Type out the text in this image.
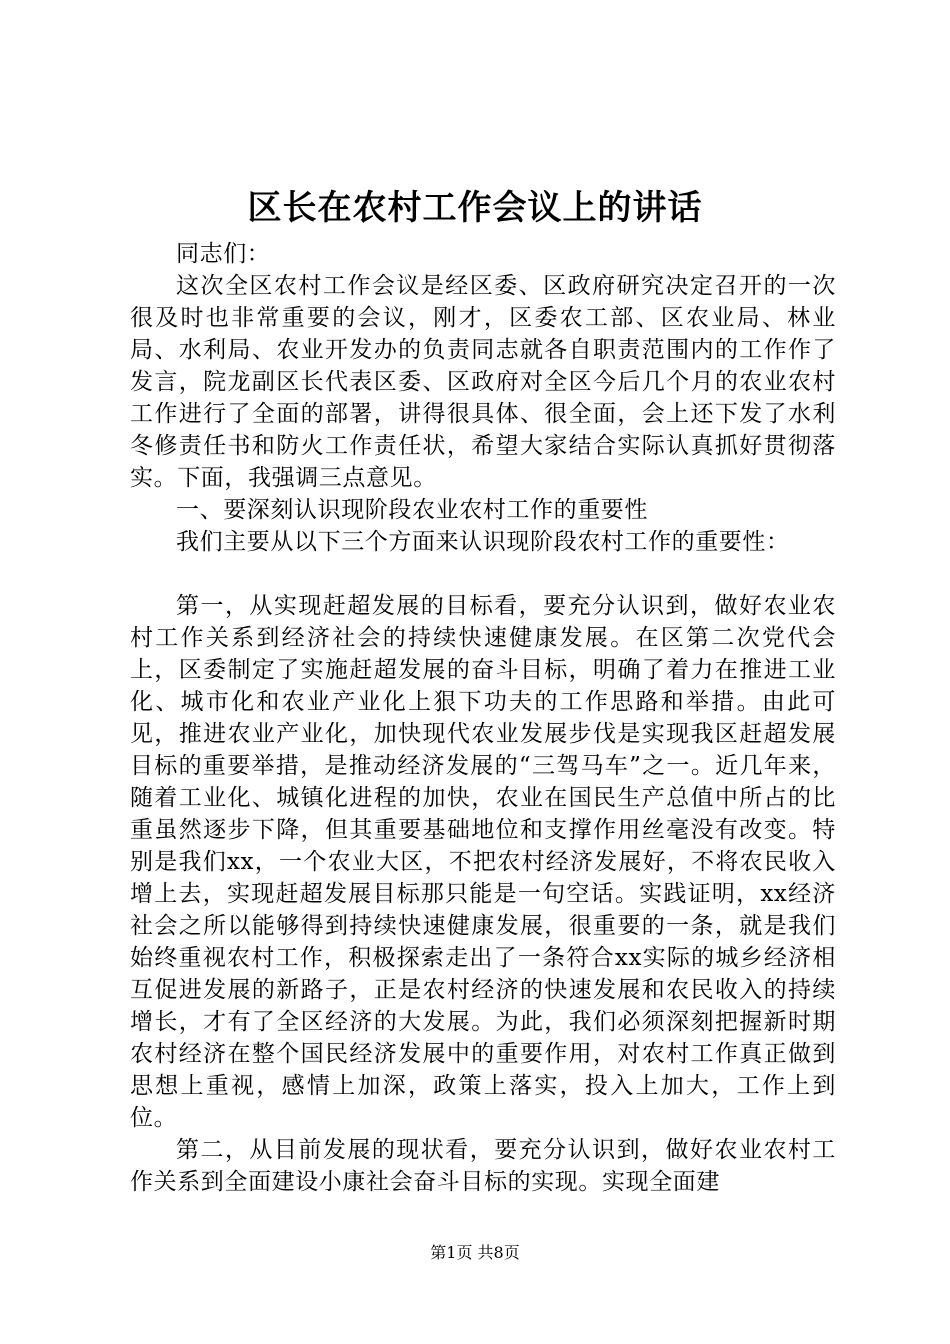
区长在农村工作会议上的讲话

同志们：

这次全区农村工作会议是经区委、区政府研究决定召开的一次很及时也非常重要的会议，刚才，区委农工部、区农业局、林业局、水利局、农业开发办的负责同志就各自职责范围内的工作作了发言，院龙副区长代表区委、区政府对全区今后几个月的农业农村工作进行了全面的部署，讲得很具体、很全面，会上还下发了水利冬修责任书和防火工作责任状，希望大家结合实际认真抓好贯彻落实。下面，我强调三点意见。

一、要深刻认识现阶段农业农村工作的重要性

我们主要从以下三个方面来认识现阶段农村工作的重要性：

第一，从实现赶超发展的目标看，要充分认识到，做好农业农村工作关系到经济社会的持续快速健康发展。在区第二次党代会上，区委制定了实施赶超发展的奋斗目标，明确了着力在推进工业化、城市化和农业产业化上狠下功夫的工作思路和举措。由此可见，推进农业产业化，加快现代农业发展步伐是实现我区赶超发展目标的重要举措，是推动经济发展的“三驾马车”之一。近几年来，随着工业化、城镇化进程的加快，农业在国民生产总值中所占的比重虽然逐步下降，但其重要基础地位和支撑作用丝毫没有改变。特别是我们xx，一个农业大区，不把农村经济发展好，不将农民收入增上去，实现赶超发展目标那只能是一句空话。实践证明，xx经济社会之所以能够得到持续快速健康发展，很重要的一条，就是我们始终重视农村工作，积极探索走出了一条符合xx实际的城乡经济相互促进发展的新路子，正是农村经济的快速发展和农民收入的持续增长，才有了全区经济的大发展。为此，我们必须深刻把握新时期农村经济在整个国民经济发展中的重要作用，对农村工作真正做到思想上重视，感情上加深，政策上落实，投入上加大，工作上到位。

第二，从目前发展的现状看，要充分认识到，做好农业农村工作关系到全面建设小康社会奋斗目标的实现。实现全面建

第1页 共8页
